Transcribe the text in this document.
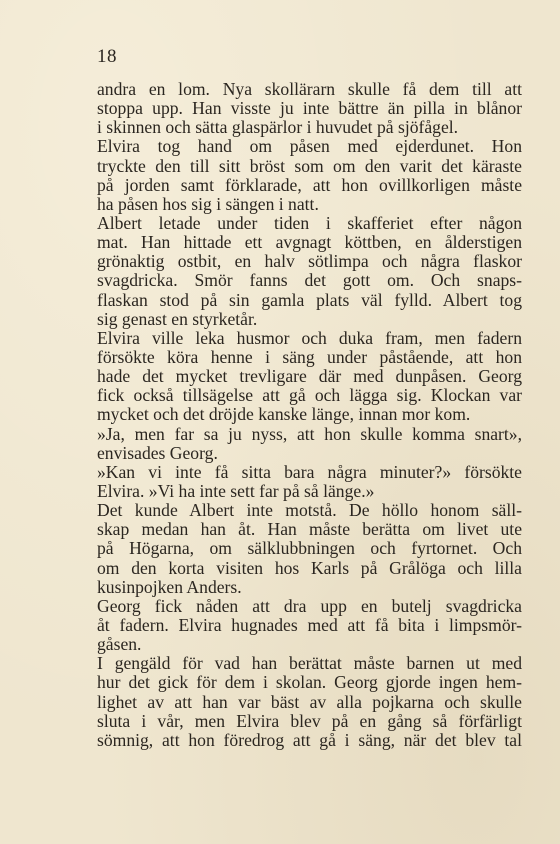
18
andra en lom. Nya skollärarn skulle få dem till att
stoppa upp. Han visste ju inte bättre än pilla in blånor
i skinnen och sätta glaspärlor i huvudet på sjöfågel.
Elvira tog hand om påsen med ejderdunet. Hon
tryckte den till sitt bröst som om den varit det käraste
på jorden samt förklarade, att hon ovillkorligen måste
ha påsen hos sig i sängen i natt.
Albert letade under tiden i skafferiet efter någon
mat. Han hittade ett avgnagt köttben, en ålderstigen
grönaktig ostbit, en halv sötlimpa och några flaskor
svagdricka. Smör fanns det gott om. Och snaps-
flaskan stod på sin gamla plats väl fylld. Albert tog
sig genast en styrketår.
Elvira ville leka husmor och duka fram, men fadern
försökte köra henne i säng under påstående, att hon
hade det mycket trevligare där med dunpåsen. Georg
fick också tillsägelse att gå och lägga sig. Klockan var
mycket och det dröjde kanske länge, innan mor kom.
»Ja, men far sa ju nyss, att hon skulle komma snart»,
envisades Georg.
»Kan vi inte få sitta bara några minuter?» försökte
Elvira. »Vi ha inte sett far på så länge.»
Det kunde Albert inte motstå. De höllo honom säll-
skap medan han åt. Han måste berätta om livet ute
på Högarna, om sälklubbningen och fyrtornet. Och
om den korta visiten hos Karls på Grålöga och lilla
kusinpojken Anders.
Georg fick nåden att dra upp en butelj svagdricka
åt fadern. Elvira hugnades med att få bita i limpsmör-
gåsen.
I gengäld för vad han berättat måste barnen ut med
hur det gick för dem i skolan. Georg gjorde ingen hem-
lighet av att han var bäst av alla pojkarna och skulle
sluta i vår, men Elvira blev på en gång så förfärligt
sömnig, att hon föredrog att gå i säng, när det blev tal
